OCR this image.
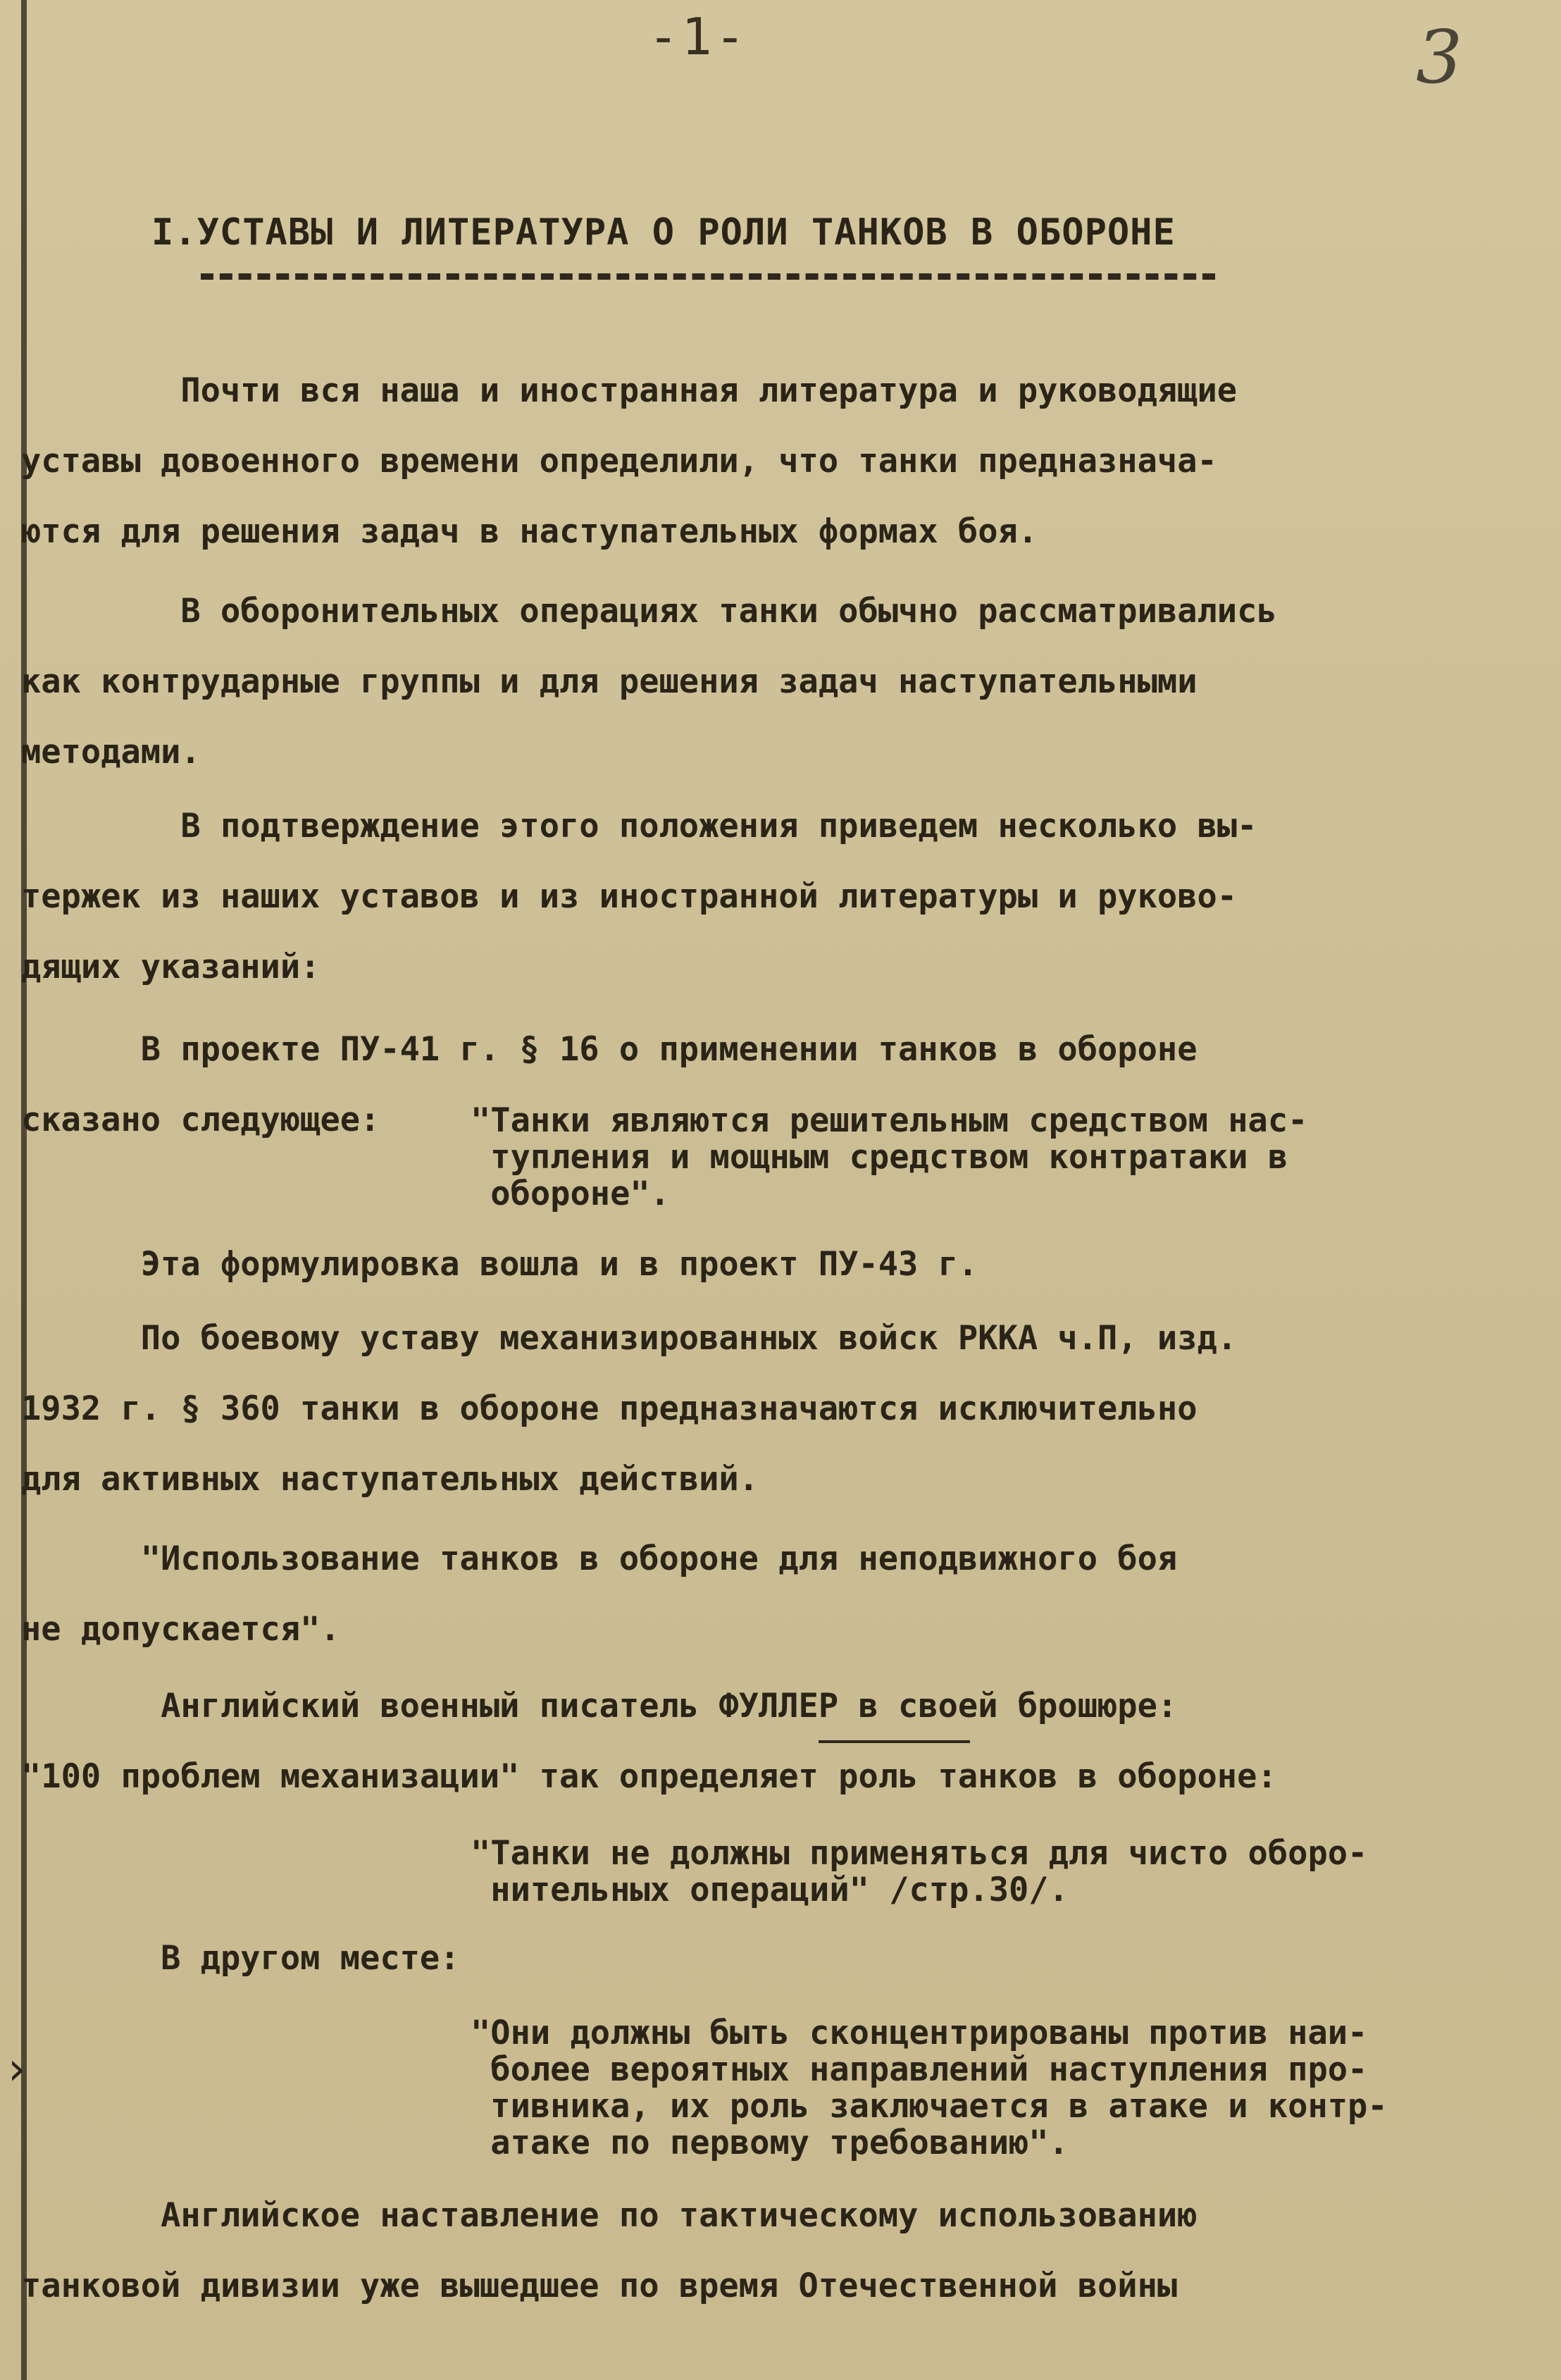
-1-	3
I.УСТАВЫ И ЛИТЕРАТУРА О РОЛИ ТАНКОВ В ОБОРОНЕ

Почти вся наша и иностранная литература и руководящие
уставы довоенного времени определили, что танки предназнача-
ются для решения задач в наступательных формах боя.

В оборонительных операциях танки обычно рассматривались
как контрударные группы и для решения задач наступательными
методами.

В подтверждение этого положения приведем несколько вы-
тержек из наших уставов и из иностранной литературы и руково-
дящих указаний:

В проекте ПУ-41 г. § 16 о применении танков в обороне
сказано следующее:	"Танки являются решительным средством нас-
тупления и мощным средством контратаки в
обороне".

Эта формулировка вошла и в проект ПУ-43 г.

По боевому уставу механизированных войск РККА ч.П, изд.
1932 г. § 360 танки в обороне предназначаются исключительно
для активных наступательных действий.

"Использование танков в обороне для неподвижного боя
не допускается".

Английский военный писатель ФУЛЛЕР в своей брошюре:
"100 проблем механизации" так определяет роль танков в обороне:

"Танки не должны применяться для чисто оборо-
нительных операций" /стр.30/.

В другом месте:

"Они должны быть сконцентрированы против наи-
более вероятных направлений наступления про-
тивника, их роль заключается в атаке и контр-
атаке по первому требованию".

›

Английское наставление по тактическому использованию
танковой дивизии уже вышедшее по время Отечественной войны
